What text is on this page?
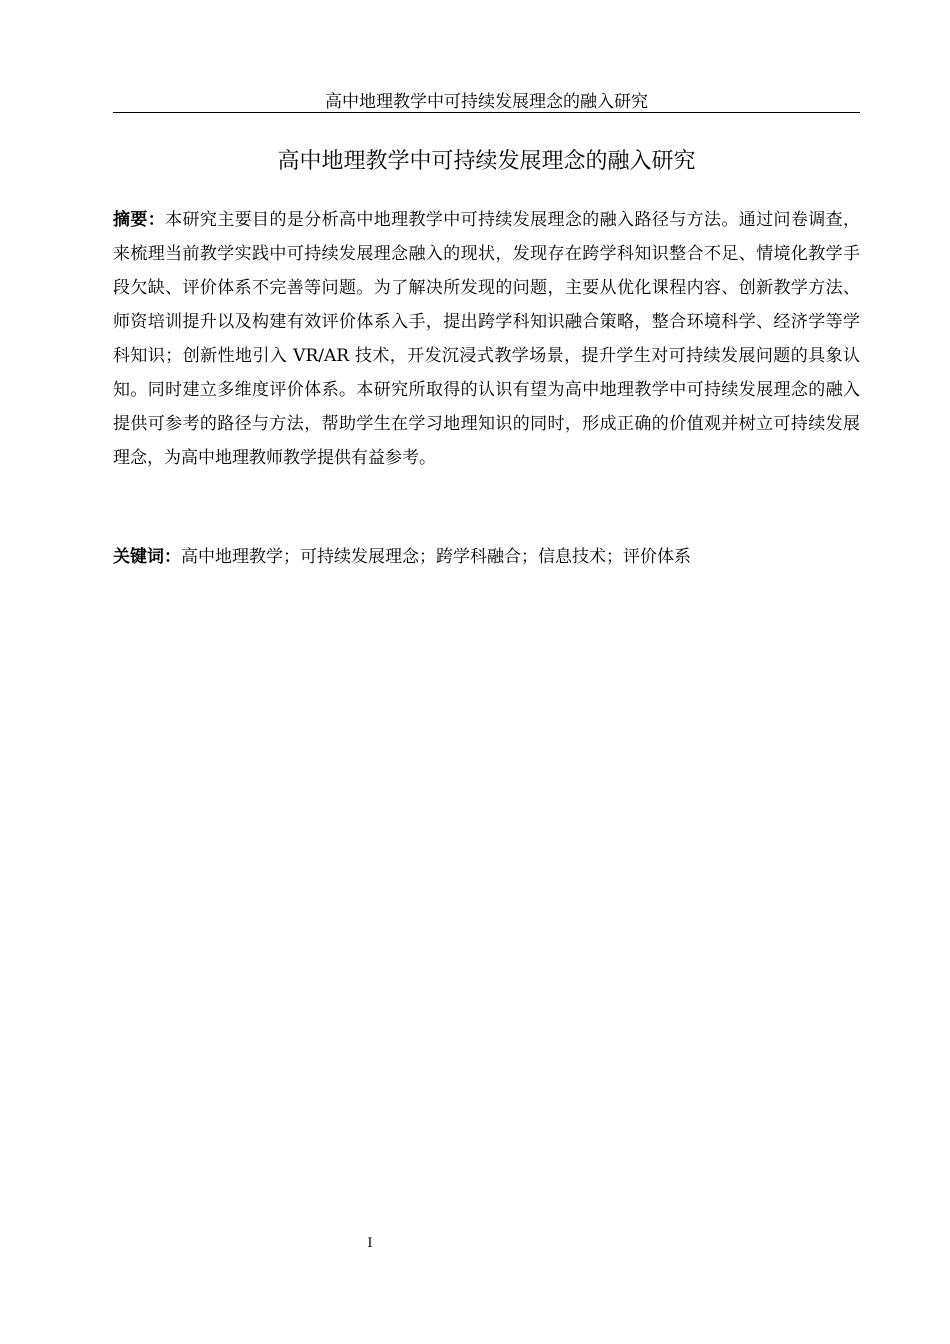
高中地理教学中可持续发展理念的融入研究
高中地理教学中可持续发展理念的融入研究

摘要：本研究主要目的是分析高中地理教学中可持续发展理念的融入路径与方法。通过问卷调查，来梳理当前教学实践中可持续发展理念融入的现状，发现存在跨学科知识整合不足、情境化教学手段欠缺、评价体系不完善等问题。为了解决所发现的问题，主要从优化课程内容、创新教学方法、师资培训提升以及构建有效评价体系入手，提出跨学科知识融合策略，整合环境科学、经济学等学科知识；创新性地引入 VR/AR 技术，开发沉浸式教学场景，提升学生对可持续发展问题的具象认知。同时建立多维度评价体系。本研究所取得的认识有望为高中地理教学中可持续发展理念的融入提供可参考的路径与方法，帮助学生在学习地理知识的同时，形成正确的价值观并树立可持续发展理念，为高中地理教师教学提供有益参考。

关键词：高中地理教学；可持续发展理念；跨学科融合；信息技术；评价体系

I
